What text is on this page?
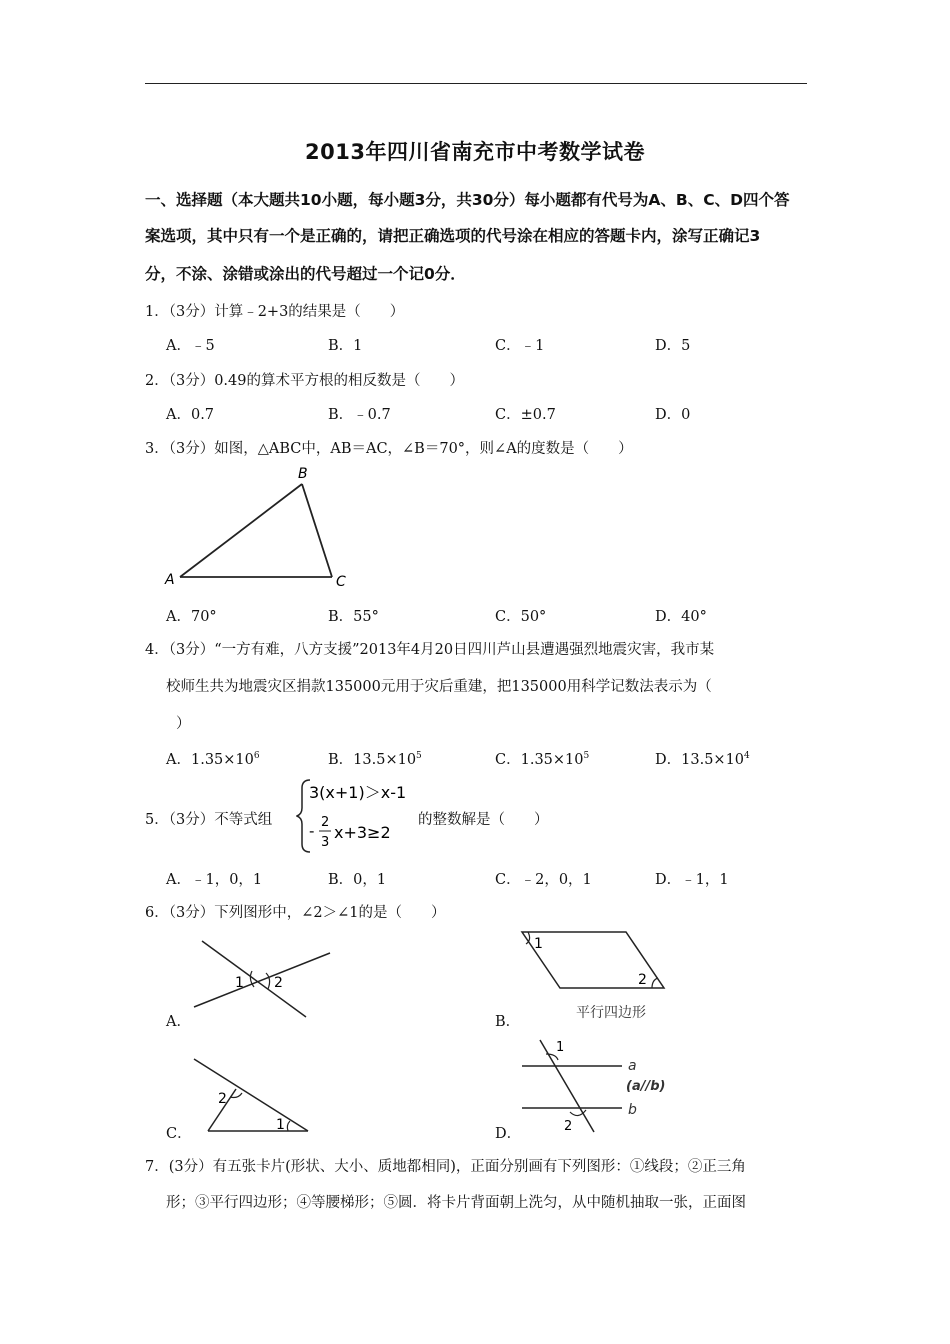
2013年四川省南充市中考数学试卷
一、选择题（本大题共10小题，每小题3分，共30分）每小题都有代号为A、B、C、D四个答
案选项，其中只有一个是正确的，请把正确选项的代号涂在相应的答题卡内，涂写正确记3
分，不涂、涂错或涂出的代号超过一个记0分．
1．（3分）计算﹣2+3的结果是（　　）
A．﹣5	B．1	C．﹣1	D．5
2．（3分）0.49的算术平方根的相反数是（　　）
A．0.7	B．﹣0.7	C．±0.7	D．0
3．（3分）如图，△ABC中，AB＝AC，∠B＝70°，则∠A的度数是（　　）
A
B
C
A．70°	B．55°	C．50°	D．40°
4．（3分）“一方有难，八方支援”2013年4月20日四川芦山县遭遇强烈地震灾害，我市某
校师生共为地震灾区捐款135000元用于灾后重建，把135000用科学记数法表示为（
）
A．$1.35\times 10^6$	B．$13.5\times 10^5$	C．$1.35\times 10^5$	D．$13.5\times 10^4$
5．（3分）不等式组
3(x+1)＞x-1
- 2
3
x+3≥2
的整数解是（　　）
A．﹣1，0，1	B．0，1	C．﹣2，0，1	D．﹣1，1
6．（3分）下列图形中，∠2＞∠1的是（　　）
1 2
A．
1
2
平行四边形
B．
2
1
C．
1
2
a
(a//b)
b
D．
7．(3分）有五张卡片(形状、大小、质地都相同)，正面分别画有下列图形：①线段；②正三角
形；③平行四边形；④等腰梯形；⑤圆．将卡片背面朝上洗匀，从中随机抽取一张，正面图
